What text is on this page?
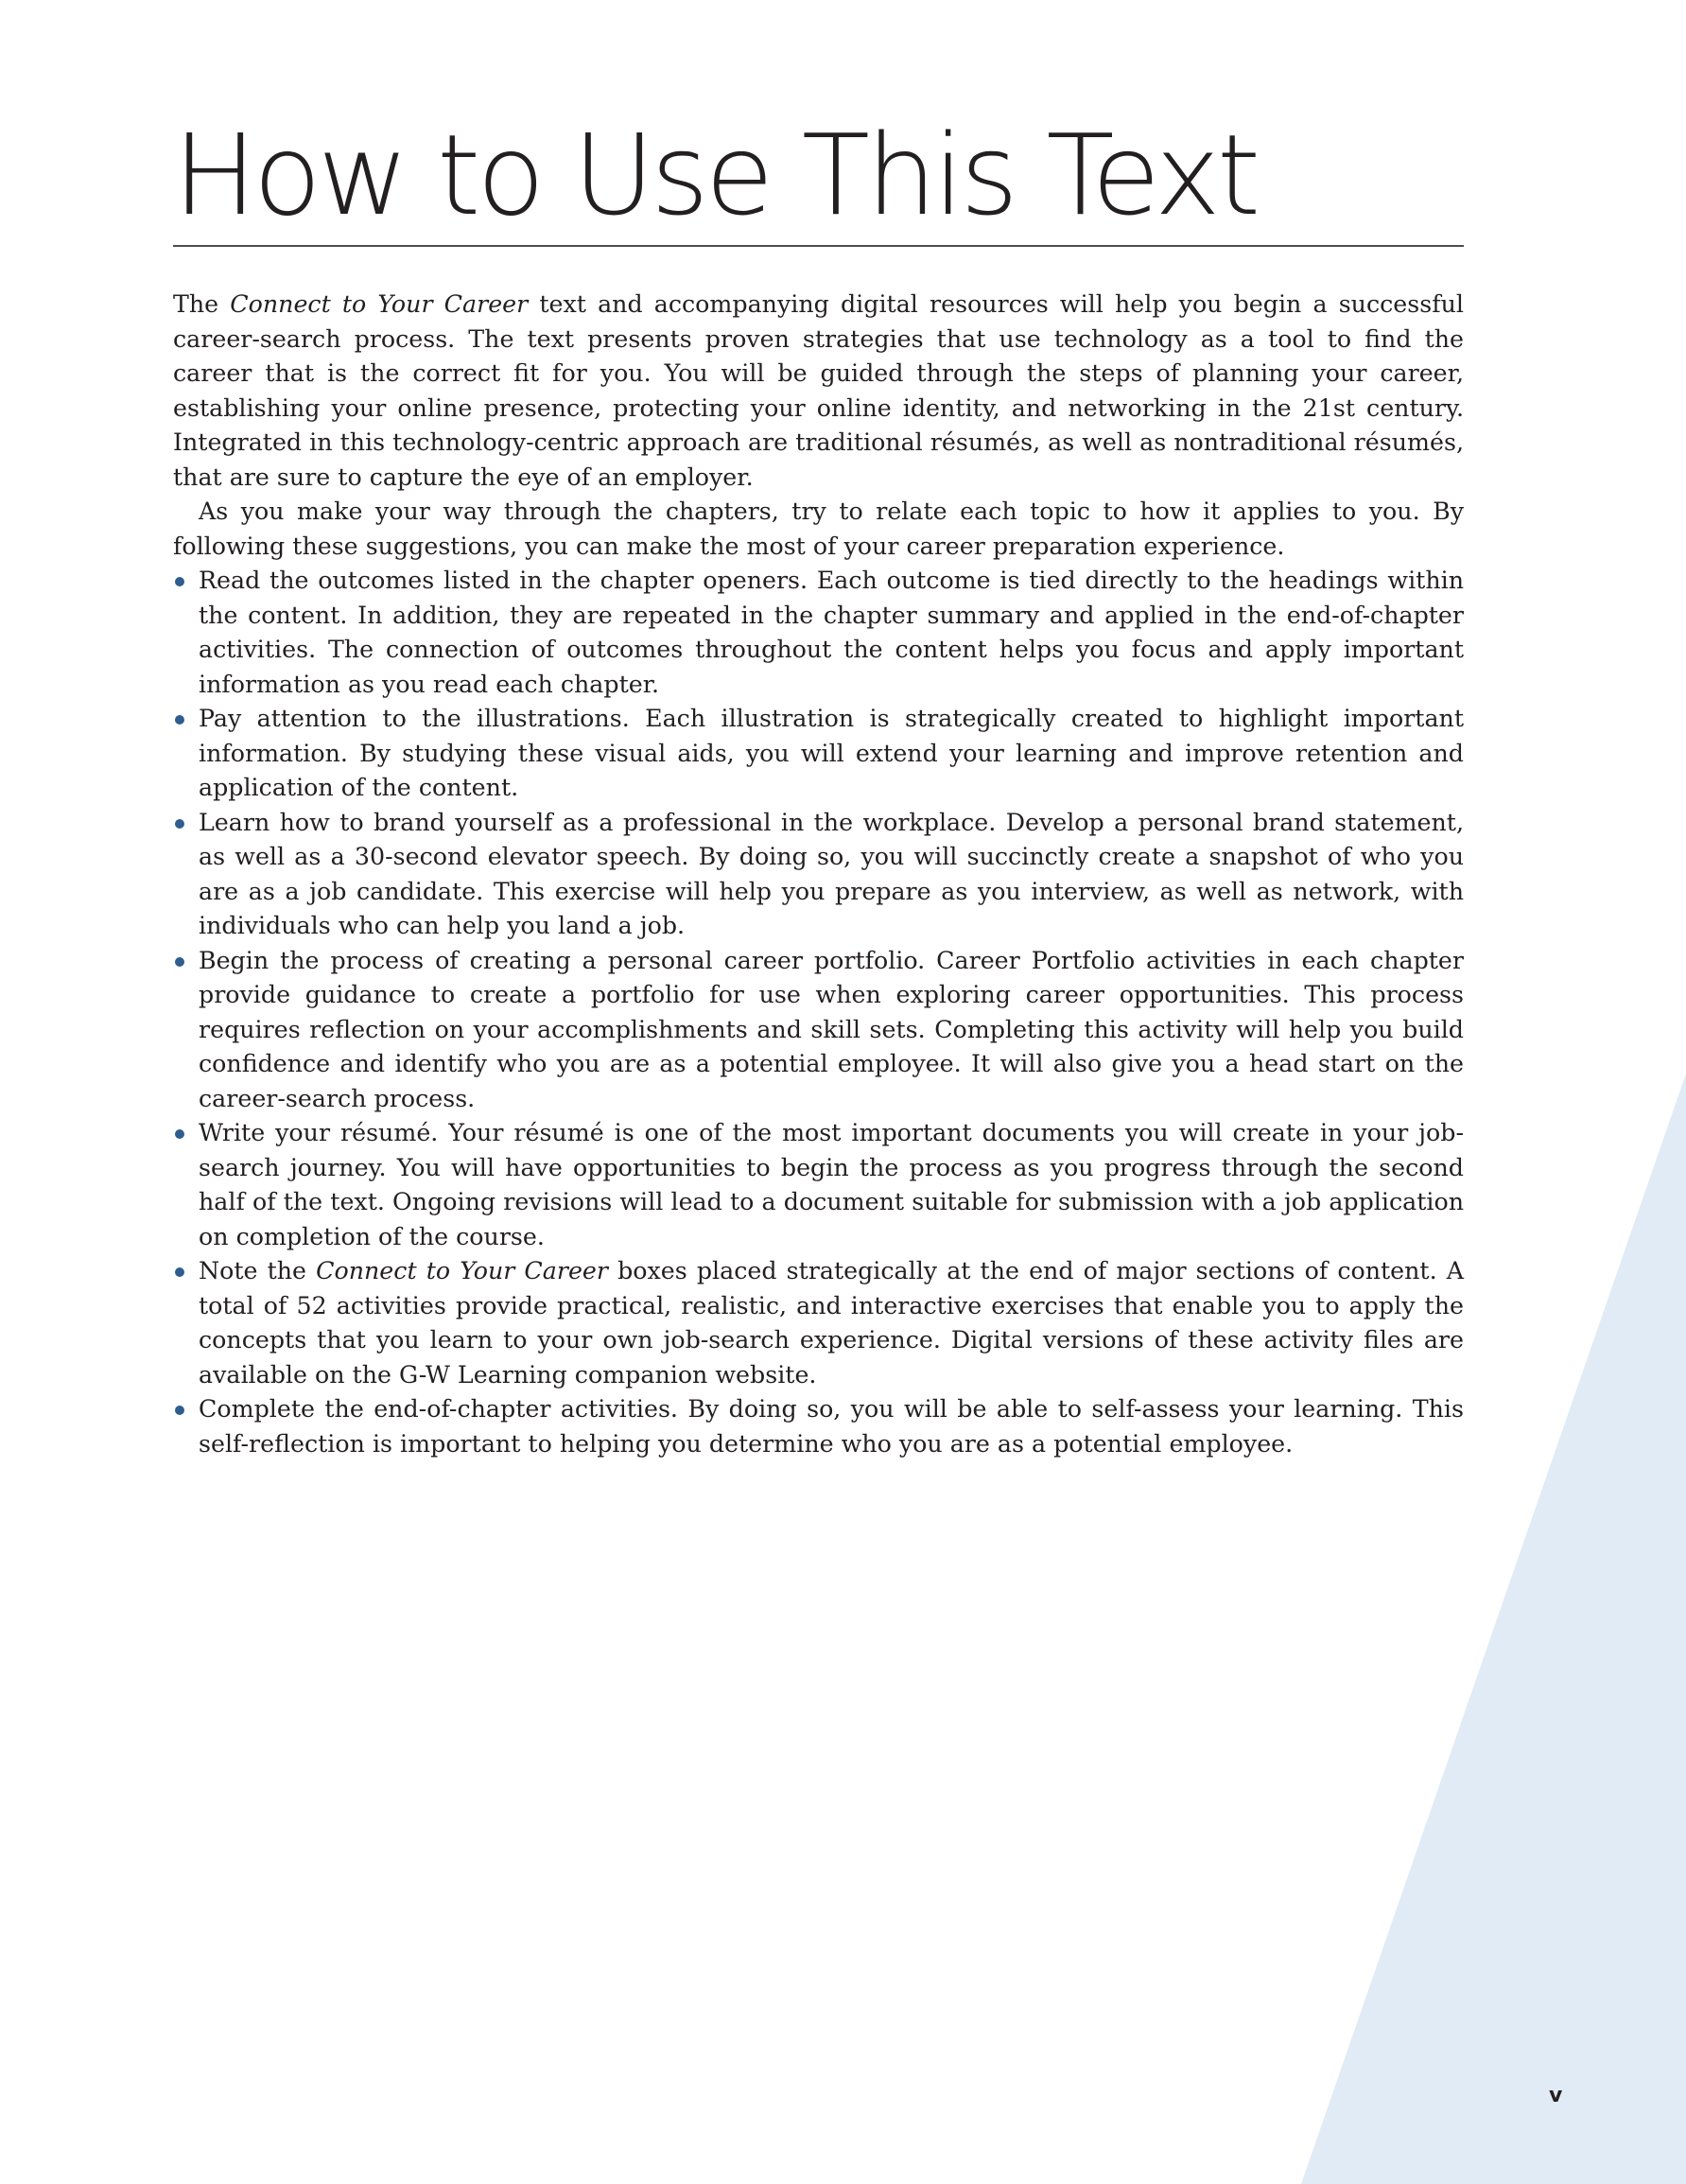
How to Use This Text

The Connect to Your Career text and accompanying digital resources will help you begin a successful career-search process. The text presents proven strategies that use technology as a tool to find the career that is the correct fit for you. You will be guided through the steps of planning your career, establishing your online presence, protecting your online identity, and networking in the 21st century. Integrated in this technology-centric approach are traditional résumés, as well as nontraditional résumés, that are sure to capture the eye of an employer.

As you make your way through the chapters, try to relate each topic to how it applies to you. By following these suggestions, you can make the most of your career preparation experience.

Read the outcomes listed in the chapter openers. Each outcome is tied directly to the headings within the content. In addition, they are repeated in the chapter summary and applied in the end-of-chapter activities. The connection of outcomes throughout the content helps you focus and apply important information as you read each chapter.
Pay attention to the illustrations. Each illustration is strategically created to highlight important information. By studying these visual aids, you will extend your learning and improve retention and application of the content.
Learn how to brand yourself as a professional in the workplace. Develop a personal brand statement, as well as a 30-second elevator speech. By doing so, you will succinctly create a snapshot of who you are as a job candidate. This exercise will help you prepare as you interview, as well as network, with individuals who can help you land a job.
Begin the process of creating a personal career portfolio. Career Portfolio activities in each chapter provide guidance to create a portfolio for use when exploring career opportunities. This process requires reflection on your accomplishments and skill sets. Completing this activity will help you build confidence and identify who you are as a potential employee. It will also give you a head start on the career-search process.
Write your résumé. Your résumé is one of the most important documents you will create in your job-search journey. You will have opportunities to begin the process as you progress through the second half of the text. Ongoing revisions will lead to a document suitable for submission with a job application on completion of the course.
Note the Connect to Your Career boxes placed strategically at the end of major sections of content. A total of 52 activities provide practical, realistic, and interactive exercises that enable you to apply the concepts that you learn to your own job-search experience. Digital versions of these activity files are available on the G-W Learning companion website.
Complete the end-of-chapter activities. By doing so, you will be able to self-assess your learning. This self-reflection is important to helping you determine who you are as a potential employee.
v
